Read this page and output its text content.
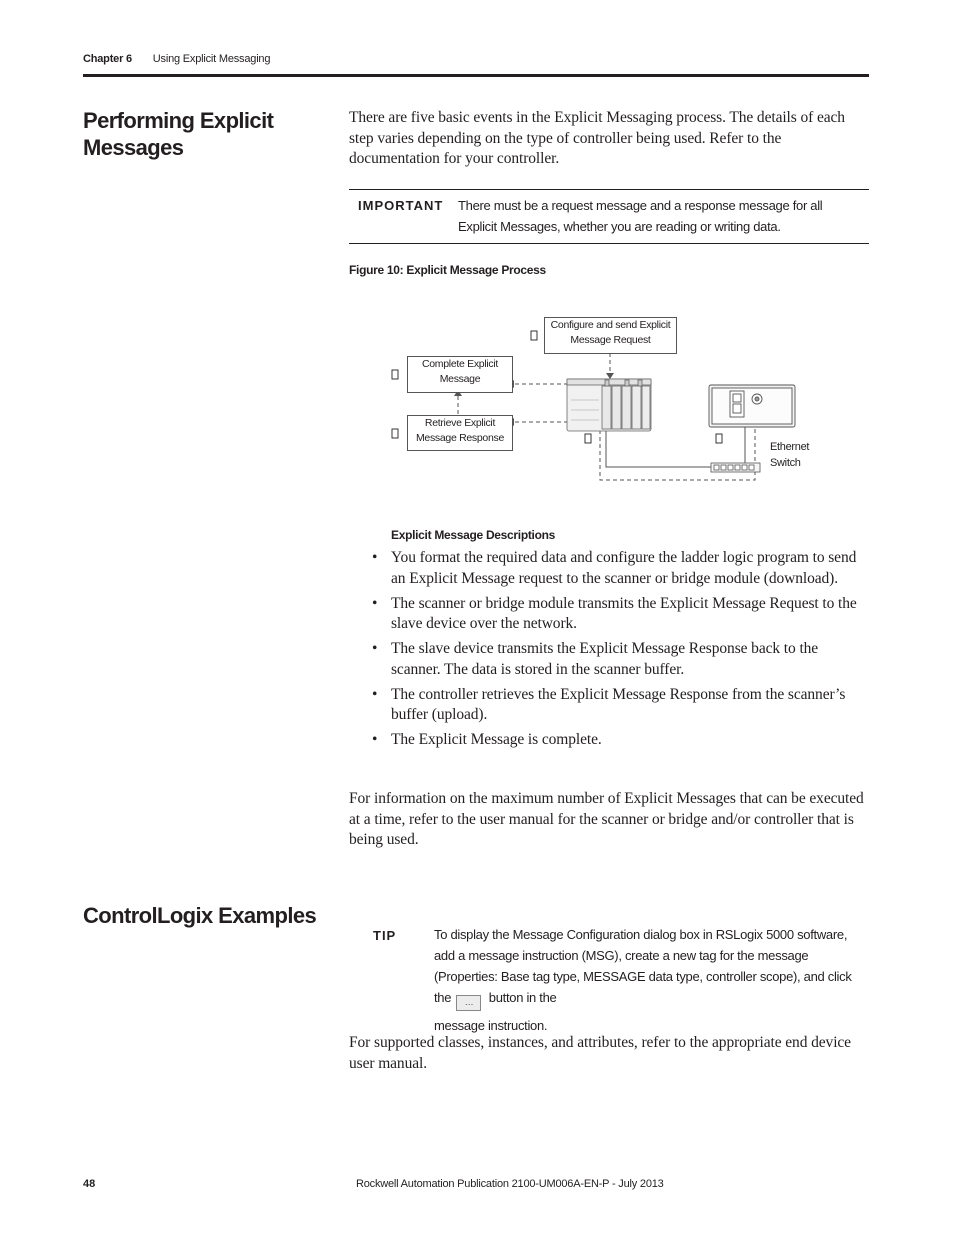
Chapter 6 Using Explicit Messaging
Performing Explicit Messages
There are five basic events in the Explicit Messaging process. The details of each step varies depending on the type of controller being used. Refer to the documentation for your controller.
IMPORTANT There must be a request message and a response message for all Explicit Messages, whether you are reading or writing data.
Figure 10: Explicit Message Process
Configure and send Explicit
Message Request
Complete Explicit
Message
Retrieve Explicit
Message Response
Ethernet
Switch
Explicit Message Descriptions
• You format the required data and configure the ladder logic program to send an Explicit Message request to the scanner or bridge module (download).
• The scanner or bridge module transmits the Explicit Message Request to the slave device over the network.
• The slave device transmits the Explicit Message Response back to the scanner. The data is stored in the scanner buffer.
• The controller retrieves the Explicit Message Response from the scanner’s buffer (upload).
• The Explicit Message is complete.
For information on the maximum number of Explicit Messages that can be executed at a time, refer to the user manual for the scanner or bridge and/or controller that is being used.
ControlLogix Examples
TIP	To display the Message Configuration dialog box in RSLogix 5000 software, add a message instruction (MSG), create a new tag for the message (Properties: Base tag type, MESSAGE data type, controller scope), and click the … button in the
message instruction.
For supported classes, instances, and attributes, refer to the appropriate end device user manual.
48	Rockwell Automation Publication 2100-UM006A-EN-P - July 2013
